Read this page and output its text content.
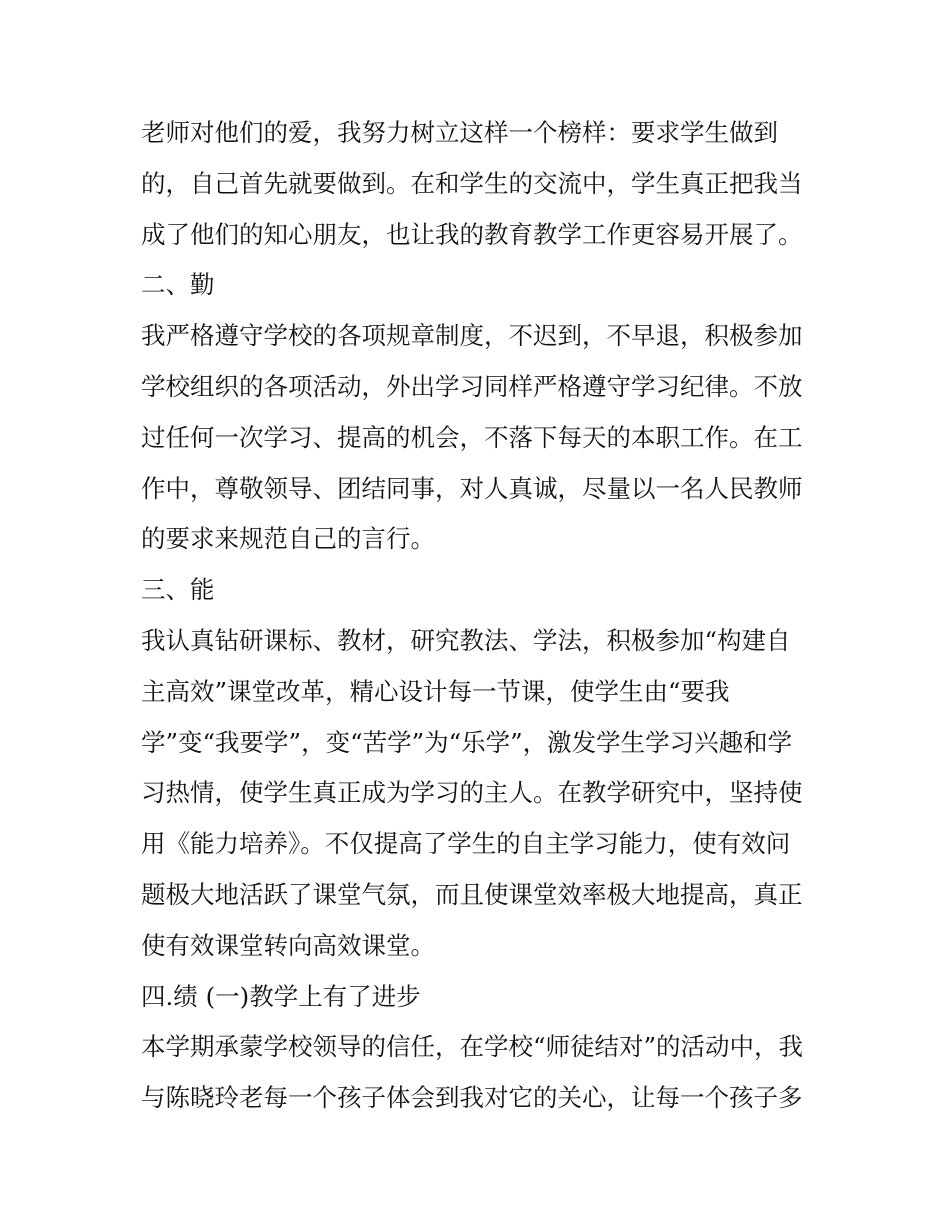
老师对他们的爱，我努力树立这样一个榜样：要求学生做到
的，自己首先就要做到。在和学生的交流中，学生真正把我当
成了他们的知心朋友，也让我的教育教学工作更容易开展了。
二、勤
我严格遵守学校的各项规章制度，不迟到，不早退，积极参加
学校组织的各项活动，外出学习同样严格遵守学习纪律。不放
过任何一次学习、提高的机会，不落下每天的本职工作。在工
作中，尊敬领导、团结同事，对人真诚，尽量以一名人民教师
的要求来规范自己的言行。
三、能
我认真钻研课标、教材，研究教法、学法，积极参加“构建自
主高效”课堂改革，精心设计每一节课，使学生由“要我
学”变“我要学”，变“苦学”为“乐学”，激发学生学习兴趣和学
习热情，使学生真正成为学习的主人。在教学研究中，坚持使
用《能力培养》。不仅提高了学生的自主学习能力，使有效问
题极大地活跃了课堂气氛，而且使课堂效率极大地提高，真正
使有效课堂转向高效课堂。
四.绩 (一)教学上有了进步
本学期承蒙学校领导的信任，在学校“师徒结对”的活动中，我
与陈晓玲老每一个孩子体会到我对它的关心，让每一个孩子多
